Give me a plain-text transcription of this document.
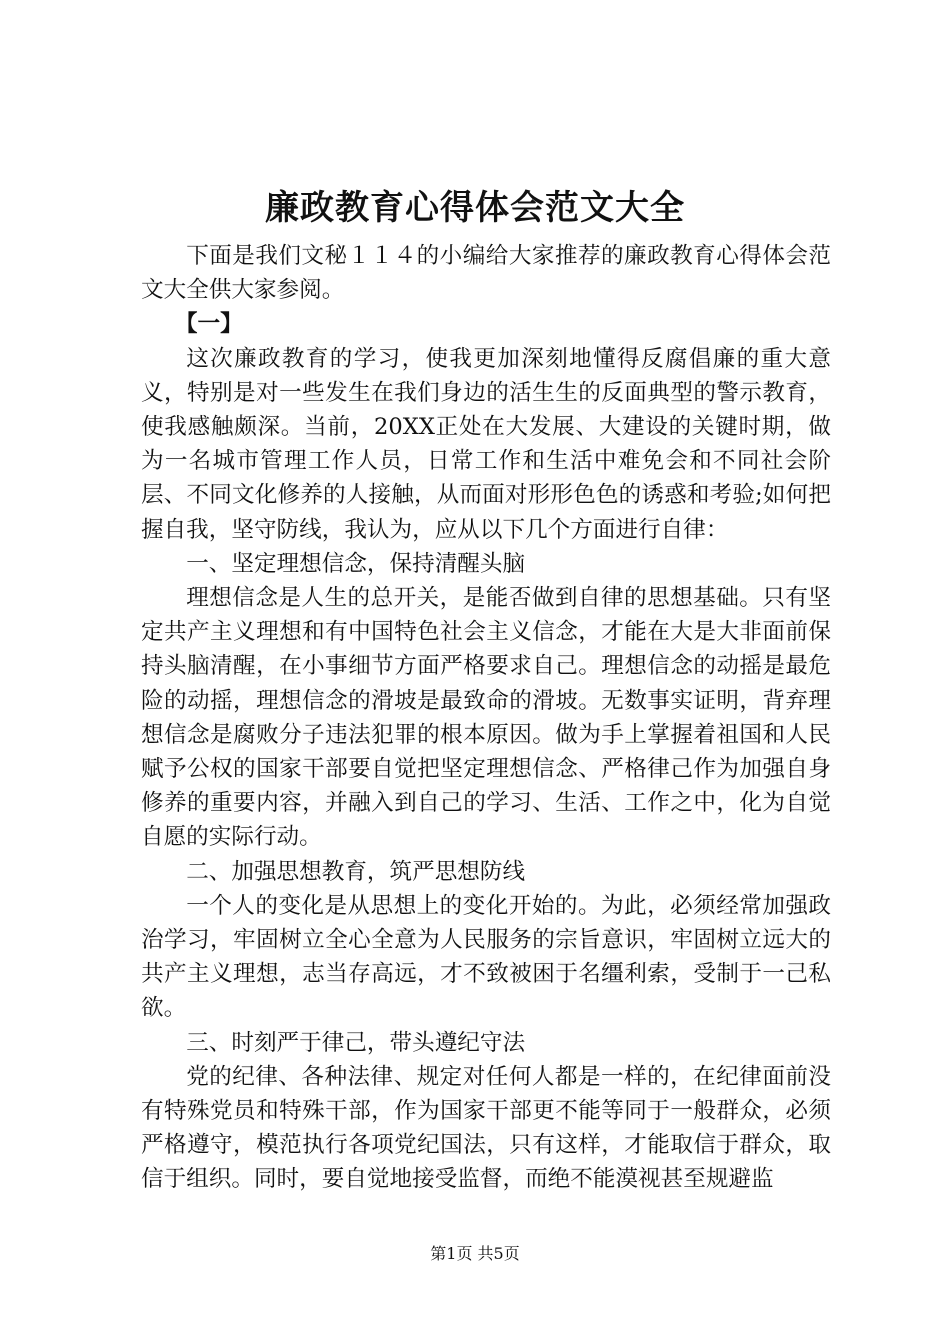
廉政教育心得体会范文大全

下面是我们文秘１１４的小编给大家推荐的廉政教育心得体会范文大全供大家参阅。

【一】

这次廉政教育的学习，使我更加深刻地懂得反腐倡廉的重大意义，特别是对一些发生在我们身边的活生生的反面典型的警示教育，使我感触颇深。当前，20XX正处在大发展、大建设的关键时期，做为一名城市管理工作人员，日常工作和生活中难免会和不同社会阶层、不同文化修养的人接触，从而面对形形色色的诱惑和考验;如何把握自我，坚守防线，我认为，应从以下几个方面进行自律：

一、坚定理想信念，保持清醒头脑

理想信念是人生的总开关，是能否做到自律的思想基础。只有坚定共产主义理想和有中国特色社会主义信念，才能在大是大非面前保持头脑清醒，在小事细节方面严格要求自己。理想信念的动摇是最危险的动摇，理想信念的滑坡是最致命的滑坡。无数事实证明，背弃理想信念是腐败分子违法犯罪的根本原因。做为手上掌握着祖国和人民赋予公权的国家干部要自觉把坚定理想信念、严格律己作为加强自身修养的重要内容，并融入到自己的学习、生活、工作之中，化为自觉自愿的实际行动。

二、加强思想教育，筑严思想防线

一个人的变化是从思想上的变化开始的。为此，必须经常加强政治学习，牢固树立全心全意为人民服务的宗旨意识，牢固树立远大的共产主义理想，志当存高远，才不致被困于名缰利索，受制于一己私欲。

三、时刻严于律己，带头遵纪守法

党的纪律、各种法律、规定对任何人都是一样的，在纪律面前没有特殊党员和特殊干部，作为国家干部更不能等同于一般群众，必须严格遵守，模范执行各项党纪国法，只有这样，才能取信于群众，取信于组织。同时，要自觉地接受监督，而绝不能漠视甚至规避监

第1页 共5页
